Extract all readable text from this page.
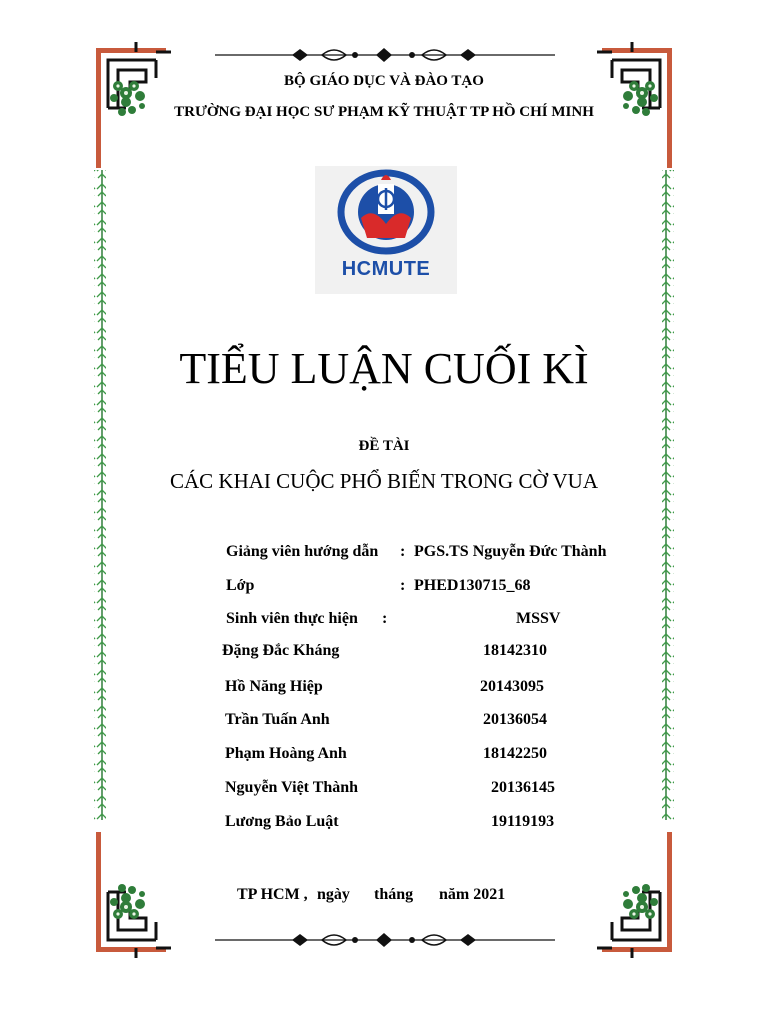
BỘ GIÁO DỤC VÀ ĐÀO TẠO
TRƯỜNG ĐẠI HỌC SƯ PHẠM KỸ THUẬT TP HỒ CHÍ MINH
HCMUTE
TIỂU LUẬN CUỐI KÌ
ĐỀ TÀI
CÁC KHAI CUỘC PHỔ BIẾN TRONG CỜ VUA
Giảng viên hướng dẫn : PGS.TS Nguyễn Đức Thành
Lớp	: PHED130715_68
Sinh viên thực hiện :	MSSV
Đặng Đắc Kháng	18142310
Hồ Năng Hiệp	20143095
Trần Tuấn Anh	20136054
Phạm Hoàng Anh	18142250
Nguyễn Việt Thành	20136145
Lương Bảo Luật	19119193
TP HCM , ngày tháng năm 2021
